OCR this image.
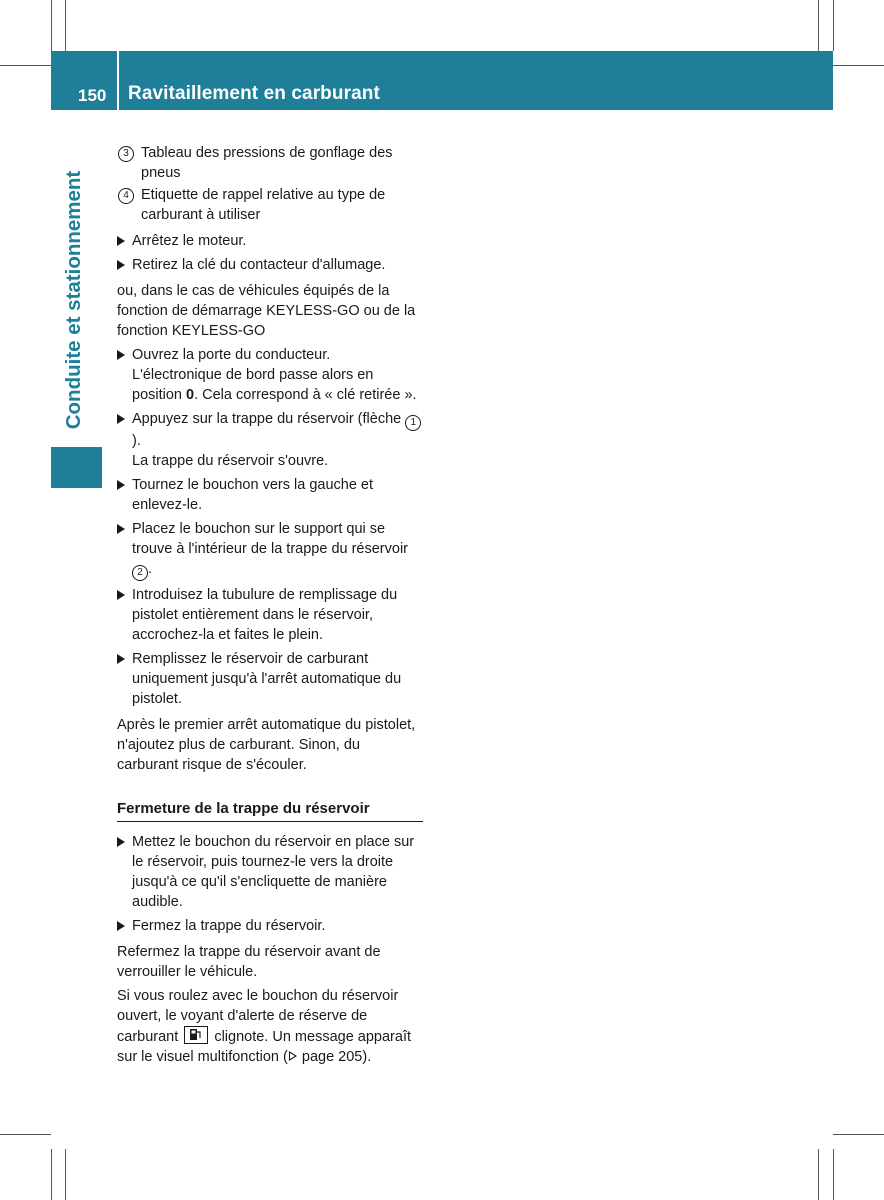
150 Ravitaillement en carburant
Conduite et stationnement
3 Tableau des pressions de gonflage des pneus
4 Etiquette de rappel relative au type de carburant à utiliser
Arrêtez le moteur.
Retirez la clé du contacteur d'allumage.
ou, dans le cas de véhicules équipés de la fonction de démarrage KEYLESS-GO ou de la fonction KEYLESS-GO
Ouvrez la porte du conducteur.
L'électronique de bord passe alors en position 0. Cela correspond à « clé retirée ».
Appuyez sur la trappe du réservoir (flèche 1).
La trappe du réservoir s'ouvre.
Tournez le bouchon vers la gauche et enlevez-le.
Placez le bouchon sur le support qui se trouve à l'intérieur de la trappe du réservoir 2 .
Introduisez la tubulure de remplissage du pistolet entièrement dans le réservoir, accrochez-la et faites le plein.
Remplissez le réservoir de carburant uniquement jusqu'à l'arrêt automatique du pistolet.
Après le premier arrêt automatique du pistolet, n'ajoutez plus de carburant. Sinon, du carburant risque de s'écouler.
Fermeture de la trappe du réservoir
Mettez le bouchon du réservoir en place sur le réservoir, puis tournez-le vers la droite jusqu'à ce qu'il s'encliquette de manière audible.
Fermez la trappe du réservoir.
Refermez la trappe du réservoir avant de verrouiller le véhicule.
Si vous roulez avec le bouchon du réservoir ouvert, le voyant d'alerte de réserve de carburant
clignote. Un message apparaît sur le visuel multifonction ( page 205).
